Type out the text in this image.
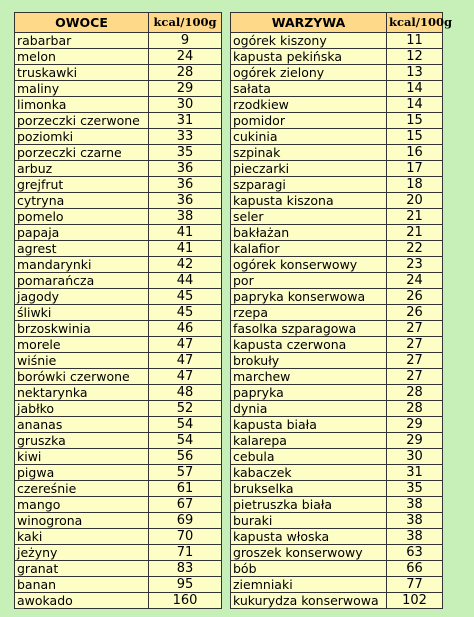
OWOCE	kcal/100g
rabarbar	9
melon	24
truskawki	28
maliny	29
limonka	30
porzeczki czerwone	31
poziomki	33
porzeczki czarne	35
arbuz	36
grejfrut	36
cytryna	36
pomelo	38
papaja	41
agrest	41
mandarynki	42
pomarańcza	44
jagody	45
śliwki	45
brzoskwinia	46
morele	47
wiśnie	47
borówki czerwone	47
nektarynka	48
jabłko	52
ananas	54
gruszka	54
kiwi	56
pigwa	57
czereśnie	61
mango	67
winogrona	69
kaki	70
jeżyny	71
granat	83
banan	95
awokado	160
WARZYWA	kcal/100g
ogórek kiszony	11
kapusta pekińska	12
ogórek zielony	13
sałata	14
rzodkiew	14
pomidor	15
cukinia	15
szpinak	16
pieczarki	17
szparagi	18
kapusta kiszona	20
seler	21
bakłażan	21
kalafior	22
ogórek konserwowy	23
por	24
papryka konserwowa	26
rzepa	26
fasolka szparagowa	27
kapusta czerwona	27
brokuły	27
marchew	27
papryka	28
dynia	28
kapusta biała	29
kalarepa	29
cebula	30
kabaczek	31
brukselka	35
pietruszka biała	38
buraki	38
kapusta włoska	38
groszek konserwowy	63
bób	66
ziemniaki	77
kukurydza konserwowa	102
